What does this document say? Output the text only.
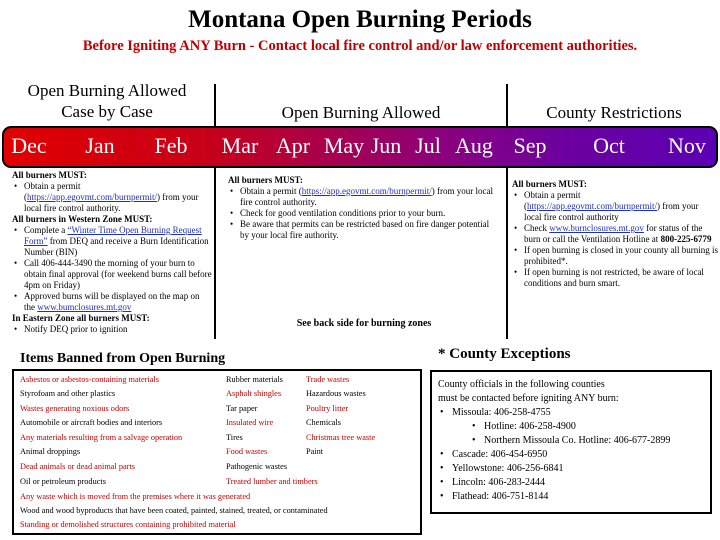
Montana Open Burning Periods
Before Igniting ANY Burn - Contact local fire control and/or law enforcement authorities.
Open Burning Allowed
Case by Case	Open Burning Allowed	County Restrictions
Dec	Jan	Feb Mar Apr May Jun Jul Aug Sep	Oct	Nov
All burners MUST:
• Obtain a permit (https://app.egovmt.com/burnpermit/) from your local fire control authority.
All burners in Western Zone MUST:
• Complete a “Winter Time Open Burning Request Form” from DEQ and receive a Burn Identification Number (BIN)
• Call 406-444-3490 the morning of your burn to obtain final approval (for weekend burns call before 4pm on Friday)
• Approved burns will be displayed on the map on the www.bumclosures.mt.gov
In Eastern Zone all burners MUST:
• Notify DEQ prior to ignition
All burners MUST:
• Obtain a permit (https://app.egovmt.com/burnpermit/) from your local fire control authority.
• Check for good ventilation conditions prior to your burn.
• Be aware that permits can be restricted based on fire danger potential by your local fire authority.
See back side for burning zones
All burners MUST:
• Obtain a permit (https://app.egovmt.com/burnpermit/) from your local fire control authority
• Check www.burnclosures.mt.gov for status of the burn or call the Ventilation Hotline at 800-225-6779
• If open burning is closed in your county all burning is prohibited*.
• If open burning is not restricted, be aware of local conditions and burn smart.
Items Banned from Open Burning
Asbestos or asbestos-containing materials	Rubber materials	Trade wastes
Styrofoam and other plastics	Asphalt shingles	Hazardous wastes
Wastes generating noxious odors	Tar paper	Poultry litter
Automobile or aircraft bodies and interiors	Insulated wire	Chemicals
Any materials resulting from a salvage operation	Tires	Christmas tree waste
Animal droppings	Food wastes	Paint
Dead animals or dead animal parts	Pathogenic wastes
Oil or petroleum products	Treated lumber and timbers
Any waste which is moved from the premises where it was generated
Wood and wood byproducts that have been coated, painted, stained, treated, or contaminated
Standing or demolished structures containing prohibited material
* County Exceptions
County officials in the following counties
must be contacted before igniting ANY burn:
• Missoula: 406-258-4755
• Hotline: 406-258-4900
• Northern Missoula Co. Hotline: 406-677-2899
• Cascade: 406-454-6950
• Yellowstone: 406-256-6841
• Lincoln: 406-283-2444
• Flathead: 406-751-8144
